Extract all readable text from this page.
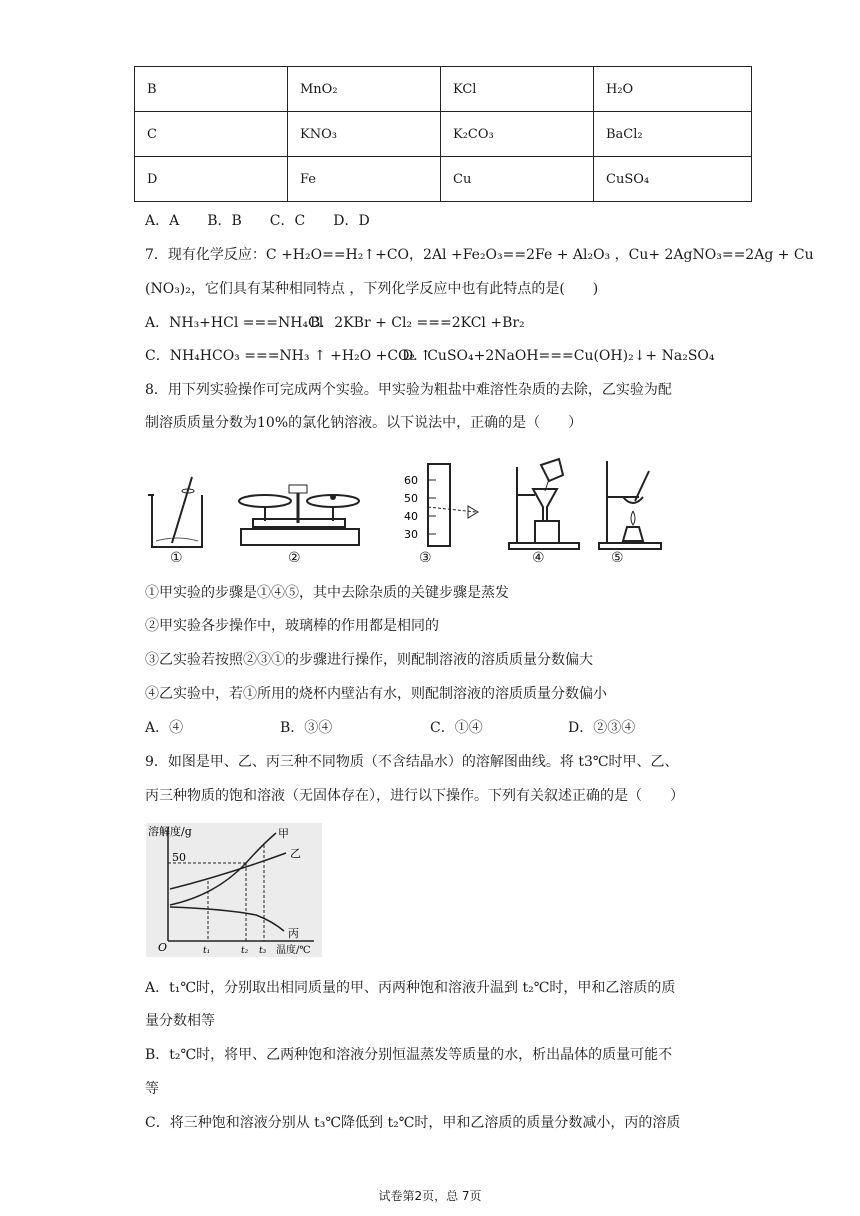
B	MnO₂	KCl	H₂O
C	KNO₃	K₂CO₃	BaCl₂
D	Fe	Cu	CuSO₄
A．A　　B．B　　C．C　　D．D
7．现有化学反应：C +H₂O==H₂↑+CO，2Al +Fe₂O₃==2Fe + Al₂O₃ ，Cu+ 2AgNO₃==2Ag + Cu
(NO₃)₂，它们具有某种相同特点 ，下列化学反应中也有此特点的是(　　)
A．NH₃+HCl ===NH₄Cl
B．2KBr + Cl₂ ===2KCl +Br₂
C．NH₄HCO₃ ===NH₃ ↑ +H₂O +CO₂ ↑
D．CuSO₄+2NaOH===Cu(OH)₂↓+ Na₂SO₄
8．用下列实验操作可完成两个实验。甲实验为粗盐中难溶性杂质的去除，乙实验为配
制溶质质量分数为10%的氯化钠溶液。以下说法中，正确的是（　　）
①	②
60
50
40
30
③	④	⑤
①甲实验的步骤是①④⑤，其中去除杂质的关键步骤是蒸发
②甲实验各步操作中，玻璃棒的作用都是相同的
③乙实验若按照②③①的步骤进行操作，则配制溶液的溶质质量分数偏大
④乙实验中，若①所用的烧杯内壁沾有水，则配制溶液的溶质质量分数偏小
A．④	B．③④	C．①④	D．②③④
9．如图是甲、乙、丙三种不同物质（不含结晶水）的溶解图曲线。将 t3℃时甲、乙、
丙三种物质的饱和溶液（无固体存在），进行以下操作。下列有关叙述正确的是（　　）
溶解度/g
50
O	t₁	t₂ t₃ 温度/℃
甲
乙
丙
A．t₁℃时，分别取出相同质量的甲、丙两种饱和溶液升温到 t₂℃时，甲和乙溶质的质
量分数相等
B．t₂℃时，将甲、乙两种饱和溶液分别恒温蒸发等质量的水，析出晶体的质量可能不
等
C．将三种饱和溶液分别从 t₃℃降低到 t₂℃时，甲和乙溶质的质量分数减小，丙的溶质
试卷第2页，总 7页
